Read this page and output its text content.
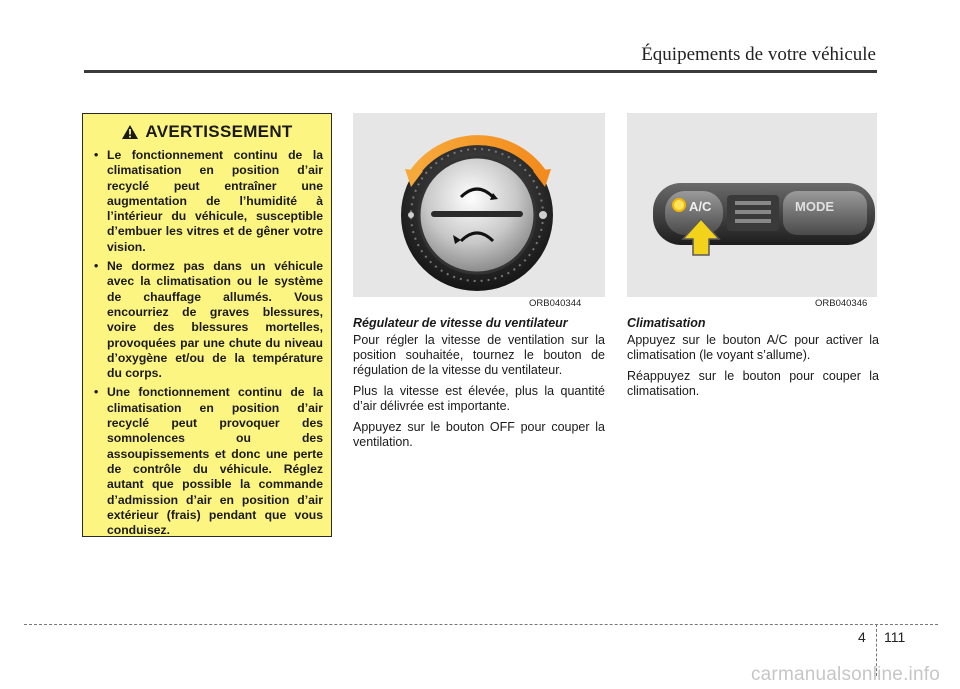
Équipements de votre véhicule
AVERTISSEMENT
• Le fonctionnement continu de la climatisation en position d’air recyclé peut entraîner une augmentation de l’humidité à l’intérieur du véhicule, susceptible d’embuer les vitres et de gêner votre vision.
• Ne dormez pas dans un véhicule avec la climatisation ou le système de chauffage allumés. Vous encourriez de graves blessures, voire des blessures mortelles, provoquées par une chute du niveau d’oxygène et/ou de la température du corps.
• Une fonctionnement continu de la climatisation en position d’air recyclé peut provoquer des somnolences ou des assoupissements et donc une perte de contrôle du véhicule. Réglez autant que possible la commande d’admission d’air en position d’air extérieur (frais) pendant que vous conduisez.
ORB040344
A/C	MODE
ORB040346
Régulateur de vitesse du ventilateur

Pour régler la vitesse de ventilation sur la position souhaitée, tournez le bouton de régulation de la vitesse du ventilateur.

Plus la vitesse est élevée, plus la quantité d’air délivrée est importante.

Appuyez sur le bouton OFF pour couper la ventilation.

Climatisation

Appuyez sur le bouton A/C pour activer la climatisation (le voyant s’allume).

Réappuyez sur le bouton pour couper la climatisation.

4 111
carmanualsonline.info
